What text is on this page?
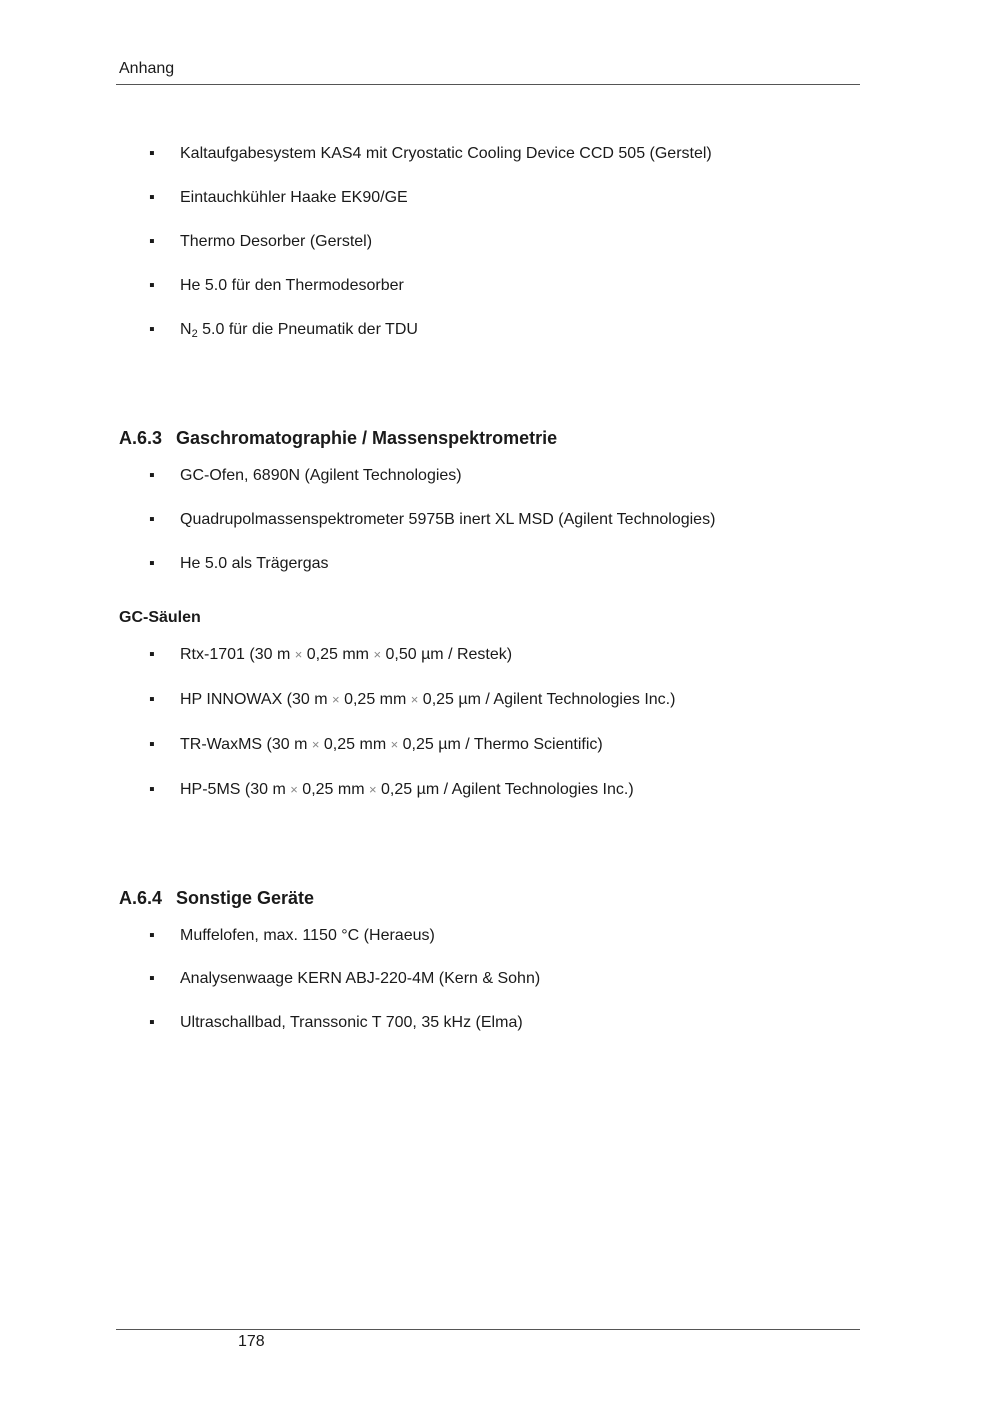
Anhang
▪ Kaltaufgabesystem KAS4 mit Cryostatic Cooling Device CCD 505 (Gerstel)
▪ Eintauchkühler Haake EK90/GE
▪ Thermo Desorber (Gerstel)
▪ He 5.0 für den Thermodesorber
▪ $N_2$ 5.0 für die Pneumatik der TDU
A.6.3 Gaschromatographie / Massenspektrometrie
▪ GC-Ofen, 6890N (Agilent Technologies)
▪ Quadrupolmassenspektrometer 5975B inert XL MSD (Agilent Technologies)
▪ He 5.0 als Trägergas
GC-Säulen
▪ Rtx-1701 (30 m × 0,25 mm × 0,50 µm / Restek)
▪ HP INNOWAX (30 m × 0,25 mm × 0,25 µm / Agilent Technologies Inc.)
▪ TR-WaxMS (30 m × 0,25 mm × 0,25 µm / Thermo Scientific)
▪ HP-5MS (30 m × 0,25 mm × 0,25 µm / Agilent Technologies Inc.)
A.6.4 Sonstige Geräte
▪ Muffelofen, max. 1150 °C (Heraeus)
▪ Analysenwaage KERN ABJ-220-4M (Kern & Sohn)
▪ Ultraschallbad, Transsonic T 700, 35 kHz (Elma)
178
